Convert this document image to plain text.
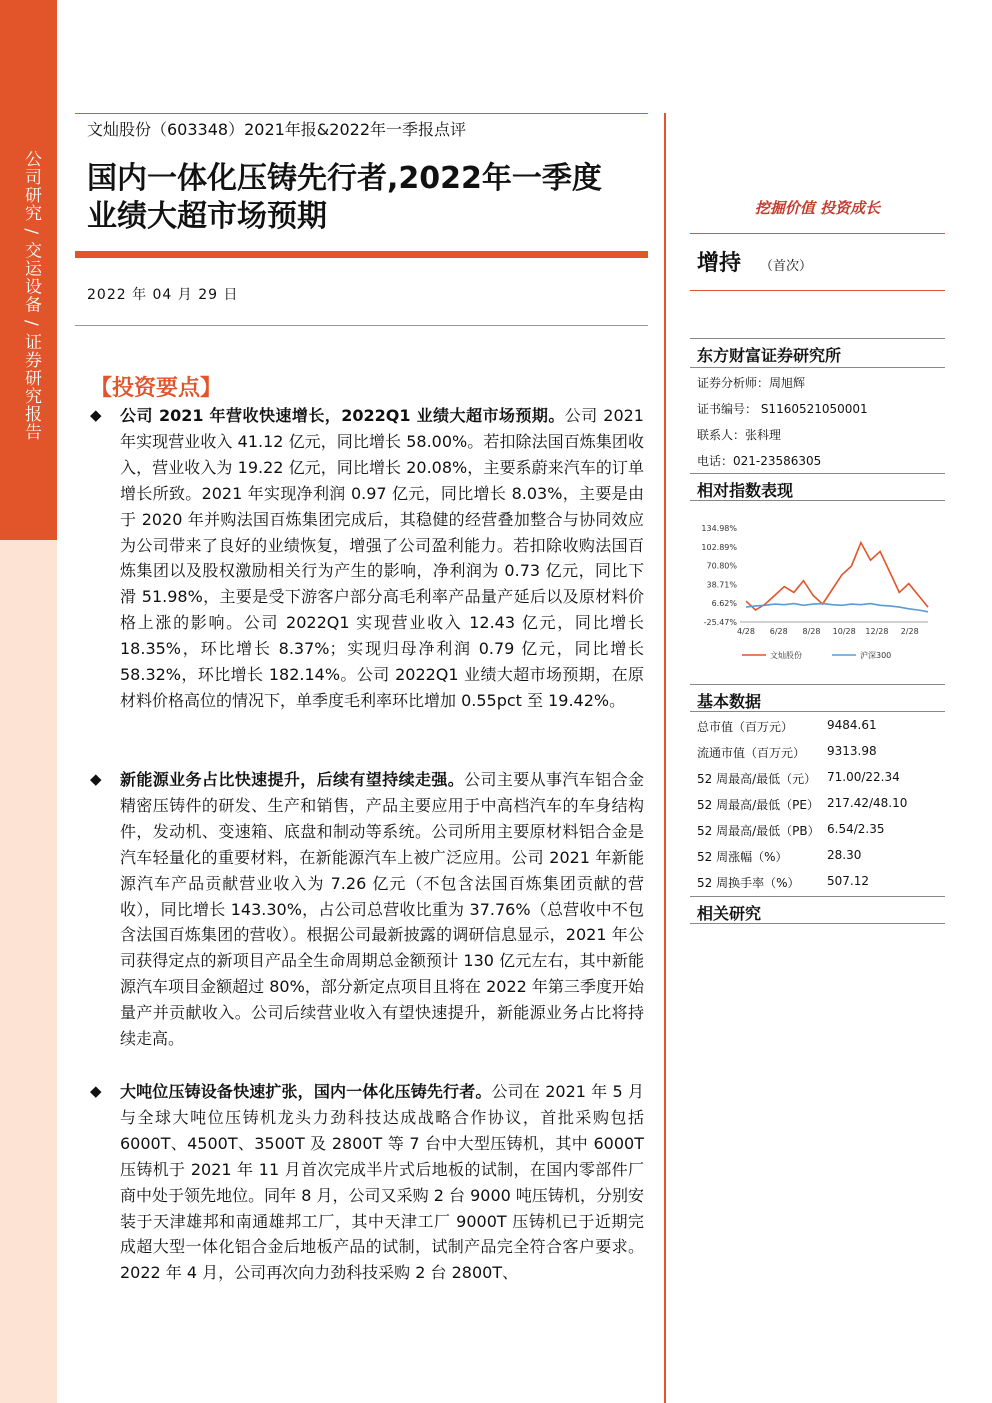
公司研究 / 交运设备 / 证券研究报告
文灿股份（603348）2021年报&2022年一季报点评
国内一体化压铸先行者,2022年一季度
业绩大超市场预期
2022 年 04 月 29 日
【投资要点】
◆ 公司 2021 年营收快速增长，2022Q1 业绩大超市场预期。公司 2021 年实现营业收入 41.12 亿元，同比增长 58.00%。若扣除法国百炼集团收入，营业收入为 19.22 亿元，同比增长 20.08%，主要系蔚来汽车的订单增长所致。2021 年实现净利润 0.97 亿元，同比增长 8.03%，主要是由于 2020 年并购法国百炼集团完成后，其稳健的经营叠加整合与协同效应为公司带来了良好的业绩恢复，增强了公司盈利能力。若扣除收购法国百炼集团以及股权激励相关行为产生的影响，净利润为 0.73 亿元，同比下滑 51.98%，主要是受下游客户部分高毛利率产品量产延后以及原材料价格上涨的影响。公司 2022Q1 实现营业收入 12.43 亿元，同比增长 18.35%，环比增长 8.37%；实现归母净利润 0.79 亿元，同比增长 58.32%，环比增长 182.14%。公司 2022Q1 业绩大超市场预期，在原材料价格高位的情况下，单季度毛利率环比增加 0.55pct 至 19.42%。
◆ 新能源业务占比快速提升，后续有望持续走强。公司主要从事汽车铝合金精密压铸件的研发、生产和销售，产品主要应用于中高档汽车的车身结构件，发动机、变速箱、底盘和制动等系统。公司所用主要原材料铝合金是汽车轻量化的重要材料，在新能源汽车上被广泛应用。公司 2021 年新能源汽车产品贡献营业收入为 7.26 亿元（不包含法国百炼集团贡献的营收），同比增长 143.30%，占公司总营收比重为 37.76%（总营收中不包含法国百炼集团的营收）。根据公司最新披露的调研信息显示，2021 年公司获得定点的新项目产品全生命周期总金额预计 130 亿元左右，其中新能源汽车项目金额超过 80%，部分新定点项目且将在 2022 年第三季度开始量产并贡献收入。公司后续营业收入有望快速提升，新能源业务占比将持续走高。
◆ 大吨位压铸设备快速扩张，国内一体化压铸先行者。公司在 2021 年 5 月与全球大吨位压铸机龙头力劲科技达成战略合作协议，首批采购包括 6000T、4500T、3500T 及 2800T 等 7 台中大型压铸机，其中 6000T 压铸机于 2021 年 11 月首次完成半片式后地板的试制，在国内零部件厂商中处于领先地位。同年 8 月，公司又采购 2 台 9000 吨压铸机，分别安装于天津雄邦和南通雄邦工厂，其中天津工厂 9000T 压铸机已于近期完成超大型一体化铝合金后地板产品的试制，试制产品完全符合客户要求。2022 年 4 月，公司再次向力劲科技采购 2 台 2800T、
挖掘价值 投资成长
增持 （首次）
东方财富证券研究所
证券分析师：周旭辉
证书编号： S1160521050001
联系人：张科理
电话：021-23586305
相对指数表现
134.98%
102.89%
70.80%
38.71%
6.62%
-25.47%
4/28 6/28 8/28 10/28 12/28 2/28
文灿股份	沪深300
基本数据
总市值（百万元）	9484.61
流通市值（百万元） 9313.98
52 周最高/最低（元） 71.00/22.34
52 周最高/最低（PE） 217.42/48.10
52 周最高/最低（PB） 6.54/2.35
52 周涨幅（%）	28.30
52 周换手率（%） 507.12
相关研究
